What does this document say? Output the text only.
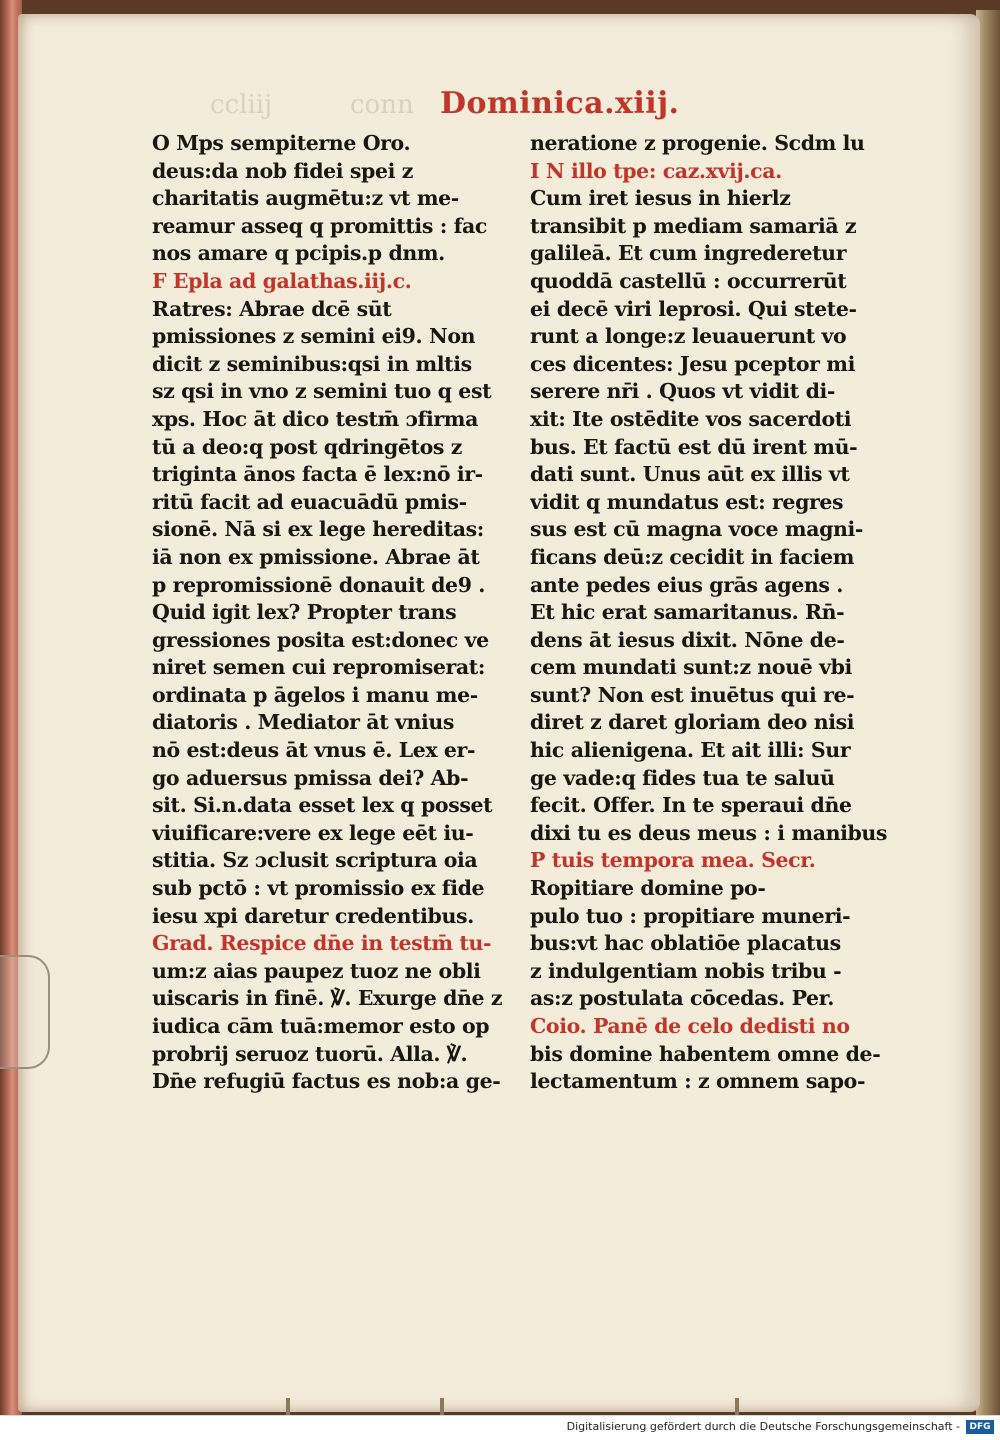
ccliij	conn Dominica.xiij.
O Mps sempiterne Oro.
deus:da nob fidei spei z
charitatis augmētu:z vt me-
reamur asseq q promittis : fac
nos amare q pcipis.p dnm.
F Epla ad galathas.iij.c.
Ratres: Abrae dcē sūt
pmissiones z semini ei9. Non
dicit z seminibus:qsi in mltis
sz qsi in vno z semini tuo q est
xps. Hoc āt dico testm̄ ɔfirma
tū a deo:q post qdringētos z
triginta ānos facta ē lex:nō ir-
ritū facit ad euacuādū pmis-
sionē. Nā si ex lege hereditas:
iā non ex pmissione. Abrae āt
p repromissionē donauit de9 .
Quid igit lex? Propter trans
gressiones posita est:donec ve
niret semen cui repromiserat:
ordinata p āgelos i manu me-
diatoris . Mediator āt vnius
nō est:deus āt vnus ē. Lex er-
go aduersus pmissa dei? Ab-
sit. Si.n.data esset lex q posset
viuificare:vere ex lege eēt iu-
stitia. Sz ɔclusit scriptura oia
sub pctō : vt promissio ex fide
iesu xpi daretur credentibus.
Grad. Respice dn̄e in testm̄ tu-
um:z aias paupez tuoz ne obli
uiscaris in finē. ℣. Exurge dn̄e z
iudica cām tuā:memor esto op
probrij seruoz tuorū. Alla. ℣.
Dn̄e refugiū factus es nob:a ge-
neratione z progenie. Scdm lu
I N illo tpe: caz.xvij.ca.
Cum iret iesus in hierlz
transibit p mediam samariā z
galileā. Et cum ingrederetur
quoddā castellū : occurrerūt
ei decē viri leprosi. Qui stete-
runt a longe:z leuauerunt vo
ces dicentes: Jesu pceptor mi
serere nr̄i . Quos vt vidit di-
xit: Ite ostēdite vos sacerdoti
bus. Et factū est dū irent mū-
dati sunt. Unus aūt ex illis vt
vidit q mundatus est: regres
sus est cū magna voce magni-
ficans deū:z cecidit in faciem
ante pedes eius grās agens .
Et hic erat samaritanus. Rn̄-
dens āt iesus dixit. Nōne de-
cem mundati sunt:z nouē vbi
sunt? Non est inuētus qui re-
diret z daret gloriam deo nisi
hic alienigena. Et ait illi: Sur
ge vade:q fides tua te saluū
fecit. Offer. In te speraui dn̄e
dixi tu es deus meus : i manibus
P tuis tempora mea. Secr.
Ropitiare domine po-
pulo tuo : propitiare muneri-
bus:vt hac oblatiōe placatus
z indulgentiam nobis tribu -
as:z postulata cōcedas. Per.
Coio. Panē de celo dedisti no
bis domine habentem omne de-
lectamentum : z omnem sapo-
Digitalisierung gefördert durch die Deutsche Forschungsgemeinschaft -	DFG
